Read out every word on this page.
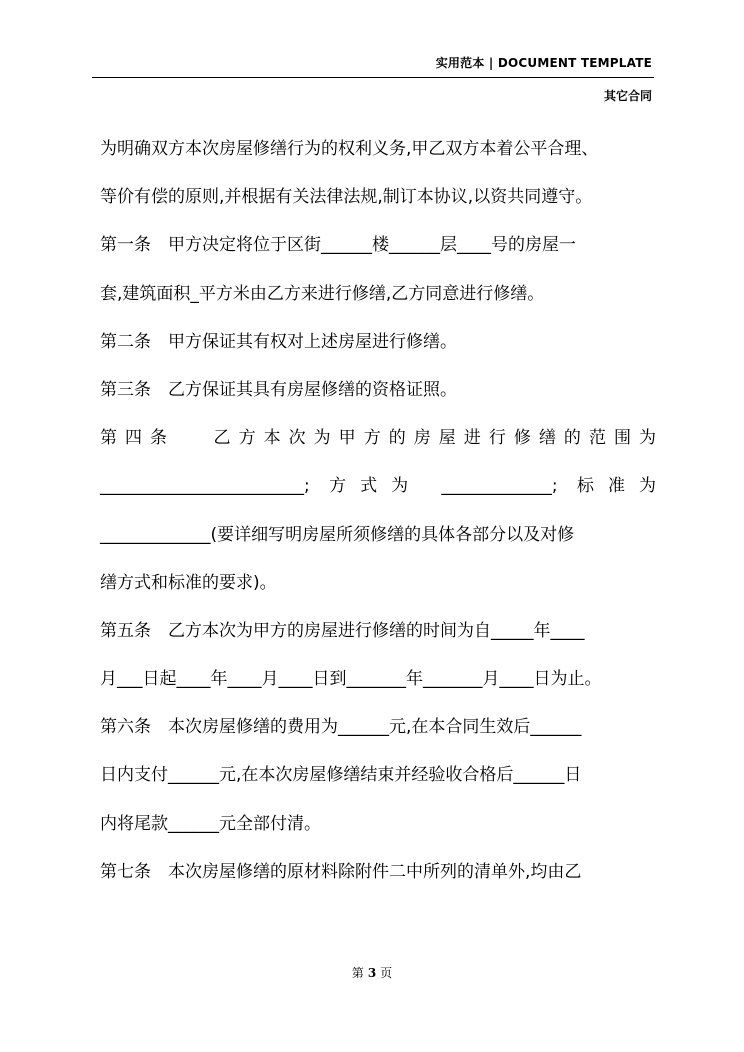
实用范本 | DOCUMENT TEMPLATE
其它合同
为明确双方本次房屋修缮行为的权利义务,甲乙双方本着公平合理、
等价有偿的原则,并根据有关法律法规,制订本协议,以资共同遵守。
第一条　甲方决定将位于区街______楼______层____号的房屋一
套,建筑面积_平方米由乙方来进行修缮,乙方同意进行修缮。
第二条　甲方保证其有权对上述房屋进行修缮。
第三条　乙方保证其具有房屋修缮的资格证照。
第四条　 乙方本次为甲方的房屋进行修缮的范围为
________________________; 方式为 _____________; 标准为
_____________(要详细写明房屋所须修缮的具体各部分以及对修
缮方式和标准的要求)。
第五条　乙方本次为甲方的房屋进行修缮的时间为自_____年____
月___日起____年____月____日到_______年_______月____日为止。
第六条　本次房屋修缮的费用为______元,在本合同生效后______
日内支付______元,在本次房屋修缮结束并经验收合格后______日
内将尾款______元全部付清。
第七条　本次房屋修缮的原材料除附件二中所列的清单外,均由乙
第 3 页
